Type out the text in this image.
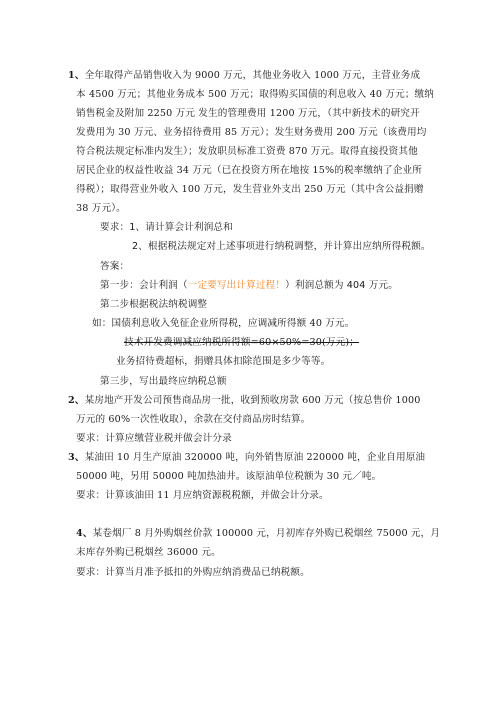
1、全年取得产品销售收入为 9000 万元，其他业务收入 1000 万元，主营业务成
本 4500 万元；其他业务成本 500 万元；取得购买国债的利息收入 40 万元；缴纳
销售税金及附加 2250 万元 发生的管理费用 1200 万元，（其中新技术的研究开
发费用为 30 万元、业务招待费用 85 万元）；发生财务费用 200 万元（该费用均
符合税法规定标准内发生）；发放职员标准工资费 870 万元。取得直接投资其他
居民企业的权益性收益 34 万元（已在投资方所在地按 15%的税率缴纳了企业所
得税）；取得营业外收入 100 万元，发生营业外支出 250 万元（其中含公益捐赠
38 万元）。
要求：1、请计算会计利润总和
2、根据税法规定对上述事项进行纳税调整，并计算出应纳所得税额。
答案：
第一步：会计利润（一定要写出计算过程！）利润总额为 404 万元。
第二步根据税法纳税调整
如：国债利息收入免征企业所得税，应调减所得额 40 万元。
技术开发费调减应纳税所得额=60×50%=30(万元)；
业务招待费超标，捐赠具体扣除范围是多少等等。
第三步，写出最终应纳税总额
2、某房地产开发公司预售商品房一批，收到预收房款 600 万元（按总售价 1000
万元的 60%一次性收取），余款在交付商品房时结算。
要求：计算应缴营业税并做会计分录
3、某油田 10 月生产原油 320000 吨，向外销售原油 220000 吨，企业自用原油
50000 吨，另用 50000 吨加热油井。该原油单位税额为 30 元／吨。
要求：计算该油田 11 月应纳资源税税额，并做会计分录。
4、某卷烟厂 8 月外购烟丝价款 100000 元，月初库存外购已税烟丝 75000 元，月
末库存外购已税烟丝 36000 元。
要求：计算当月准予抵扣的外购应纳消费品已纳税额。
